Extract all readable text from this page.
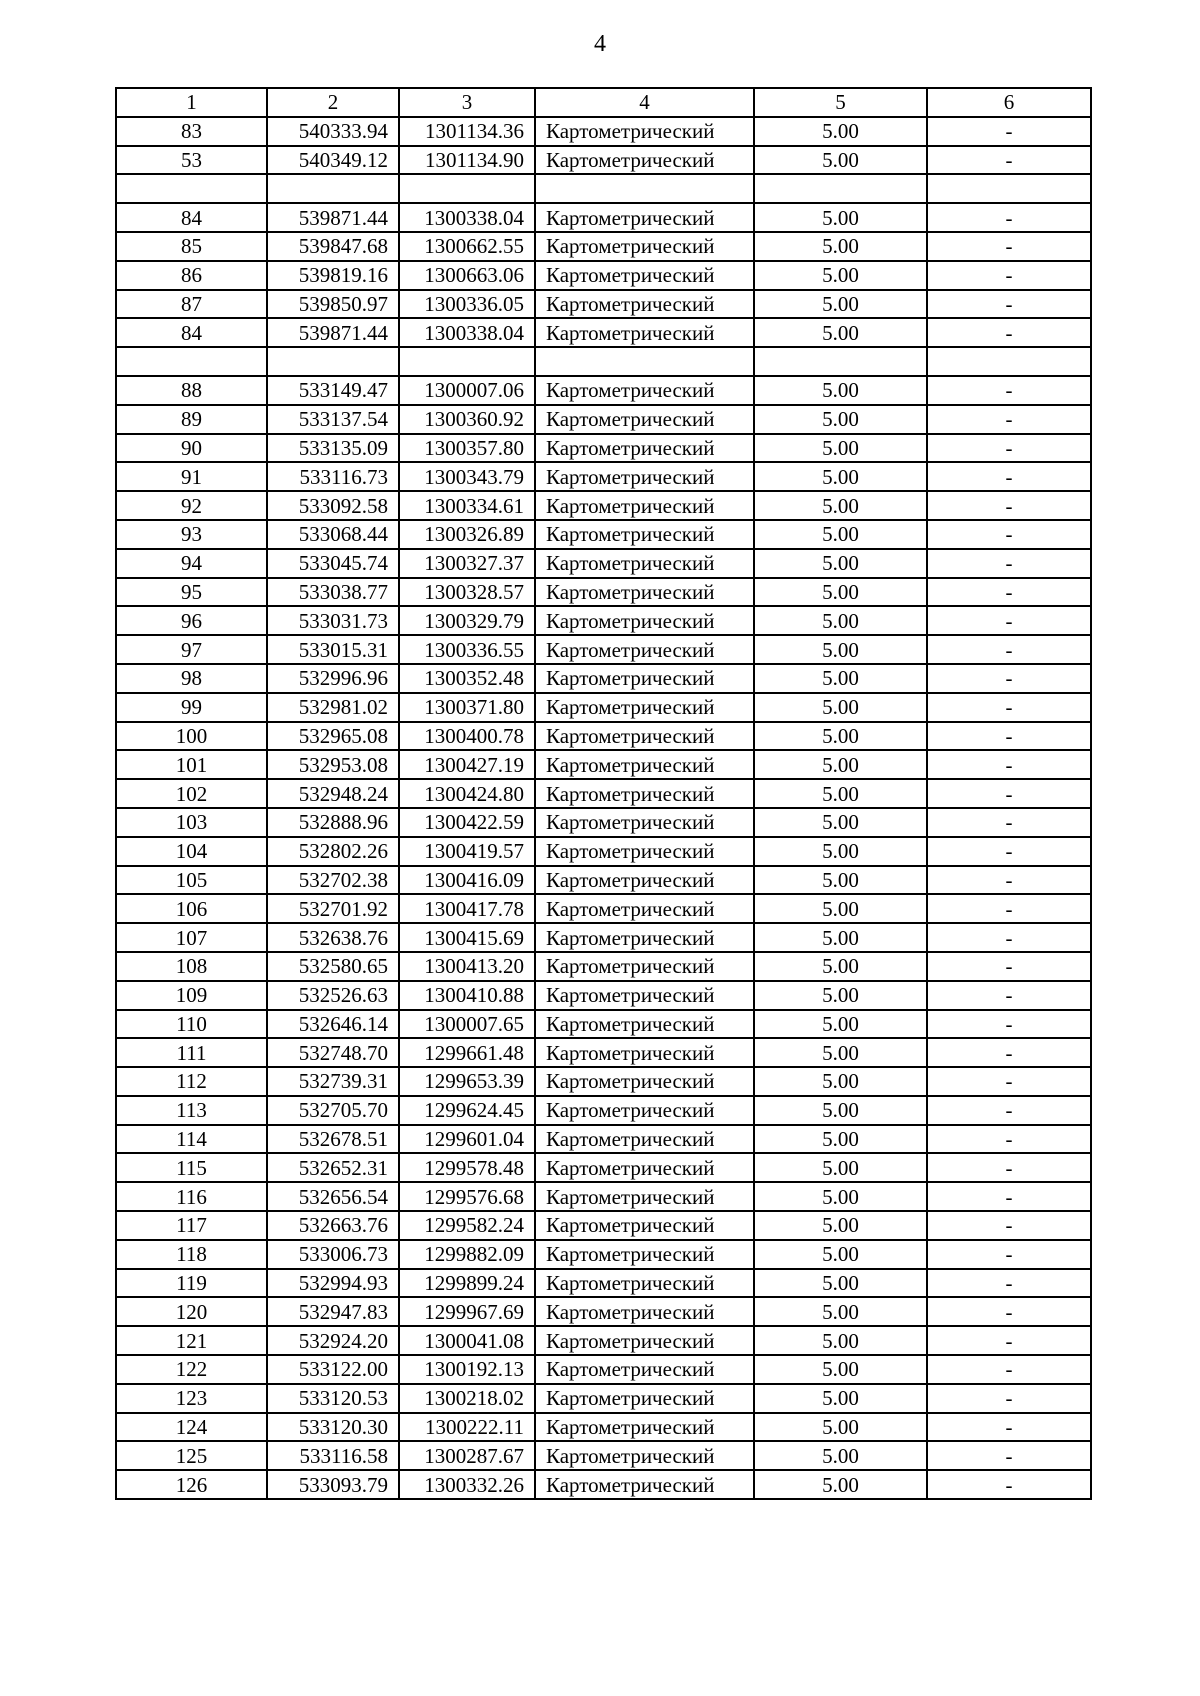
4
1	2	3	4	5	6
83	540333.94	1301134.36	Картометрический	5.00	-
53	540349.12	1301134.90	Картометрический	5.00	-

84	539871.44	1300338.04	Картометрический	5.00	-
85	539847.68	1300662.55	Картометрический	5.00	-
86	539819.16	1300663.06	Картометрический	5.00	-
87	539850.97	1300336.05	Картометрический	5.00	-
84	539871.44	1300338.04	Картометрический	5.00	-

88	533149.47	1300007.06	Картометрический	5.00	-
89	533137.54	1300360.92	Картометрический	5.00	-
90	533135.09	1300357.80	Картометрический	5.00	-
91	533116.73	1300343.79	Картометрический	5.00	-
92	533092.58	1300334.61	Картометрический	5.00	-
93	533068.44	1300326.89	Картометрический	5.00	-
94	533045.74	1300327.37	Картометрический	5.00	-
95	533038.77	1300328.57	Картометрический	5.00	-
96	533031.73	1300329.79	Картометрический	5.00	-
97	533015.31	1300336.55	Картометрический	5.00	-
98	532996.96	1300352.48	Картометрический	5.00	-
99	532981.02	1300371.80	Картометрический	5.00	-
100	532965.08	1300400.78	Картометрический	5.00	-
101	532953.08	1300427.19	Картометрический	5.00	-
102	532948.24	1300424.80	Картометрический	5.00	-
103	532888.96	1300422.59	Картометрический	5.00	-
104	532802.26	1300419.57	Картометрический	5.00	-
105	532702.38	1300416.09	Картометрический	5.00	-
106	532701.92	1300417.78	Картометрический	5.00	-
107	532638.76	1300415.69	Картометрический	5.00	-
108	532580.65	1300413.20	Картометрический	5.00	-
109	532526.63	1300410.88	Картометрический	5.00	-
110	532646.14	1300007.65	Картометрический	5.00	-
111	532748.70	1299661.48	Картометрический	5.00	-
112	532739.31	1299653.39	Картометрический	5.00	-
113	532705.70	1299624.45	Картометрический	5.00	-
114	532678.51	1299601.04	Картометрический	5.00	-
115	532652.31	1299578.48	Картометрический	5.00	-
116	532656.54	1299576.68	Картометрический	5.00	-
117	532663.76	1299582.24	Картометрический	5.00	-
118	533006.73	1299882.09	Картометрический	5.00	-
119	532994.93	1299899.24	Картометрический	5.00	-
120	532947.83	1299967.69	Картометрический	5.00	-
121	532924.20	1300041.08	Картометрический	5.00	-
122	533122.00	1300192.13	Картометрический	5.00	-
123	533120.53	1300218.02	Картометрический	5.00	-
124	533120.30	1300222.11	Картометрический	5.00	-
125	533116.58	1300287.67	Картометрический	5.00	-
126	533093.79	1300332.26	Картометрический	5.00	-
